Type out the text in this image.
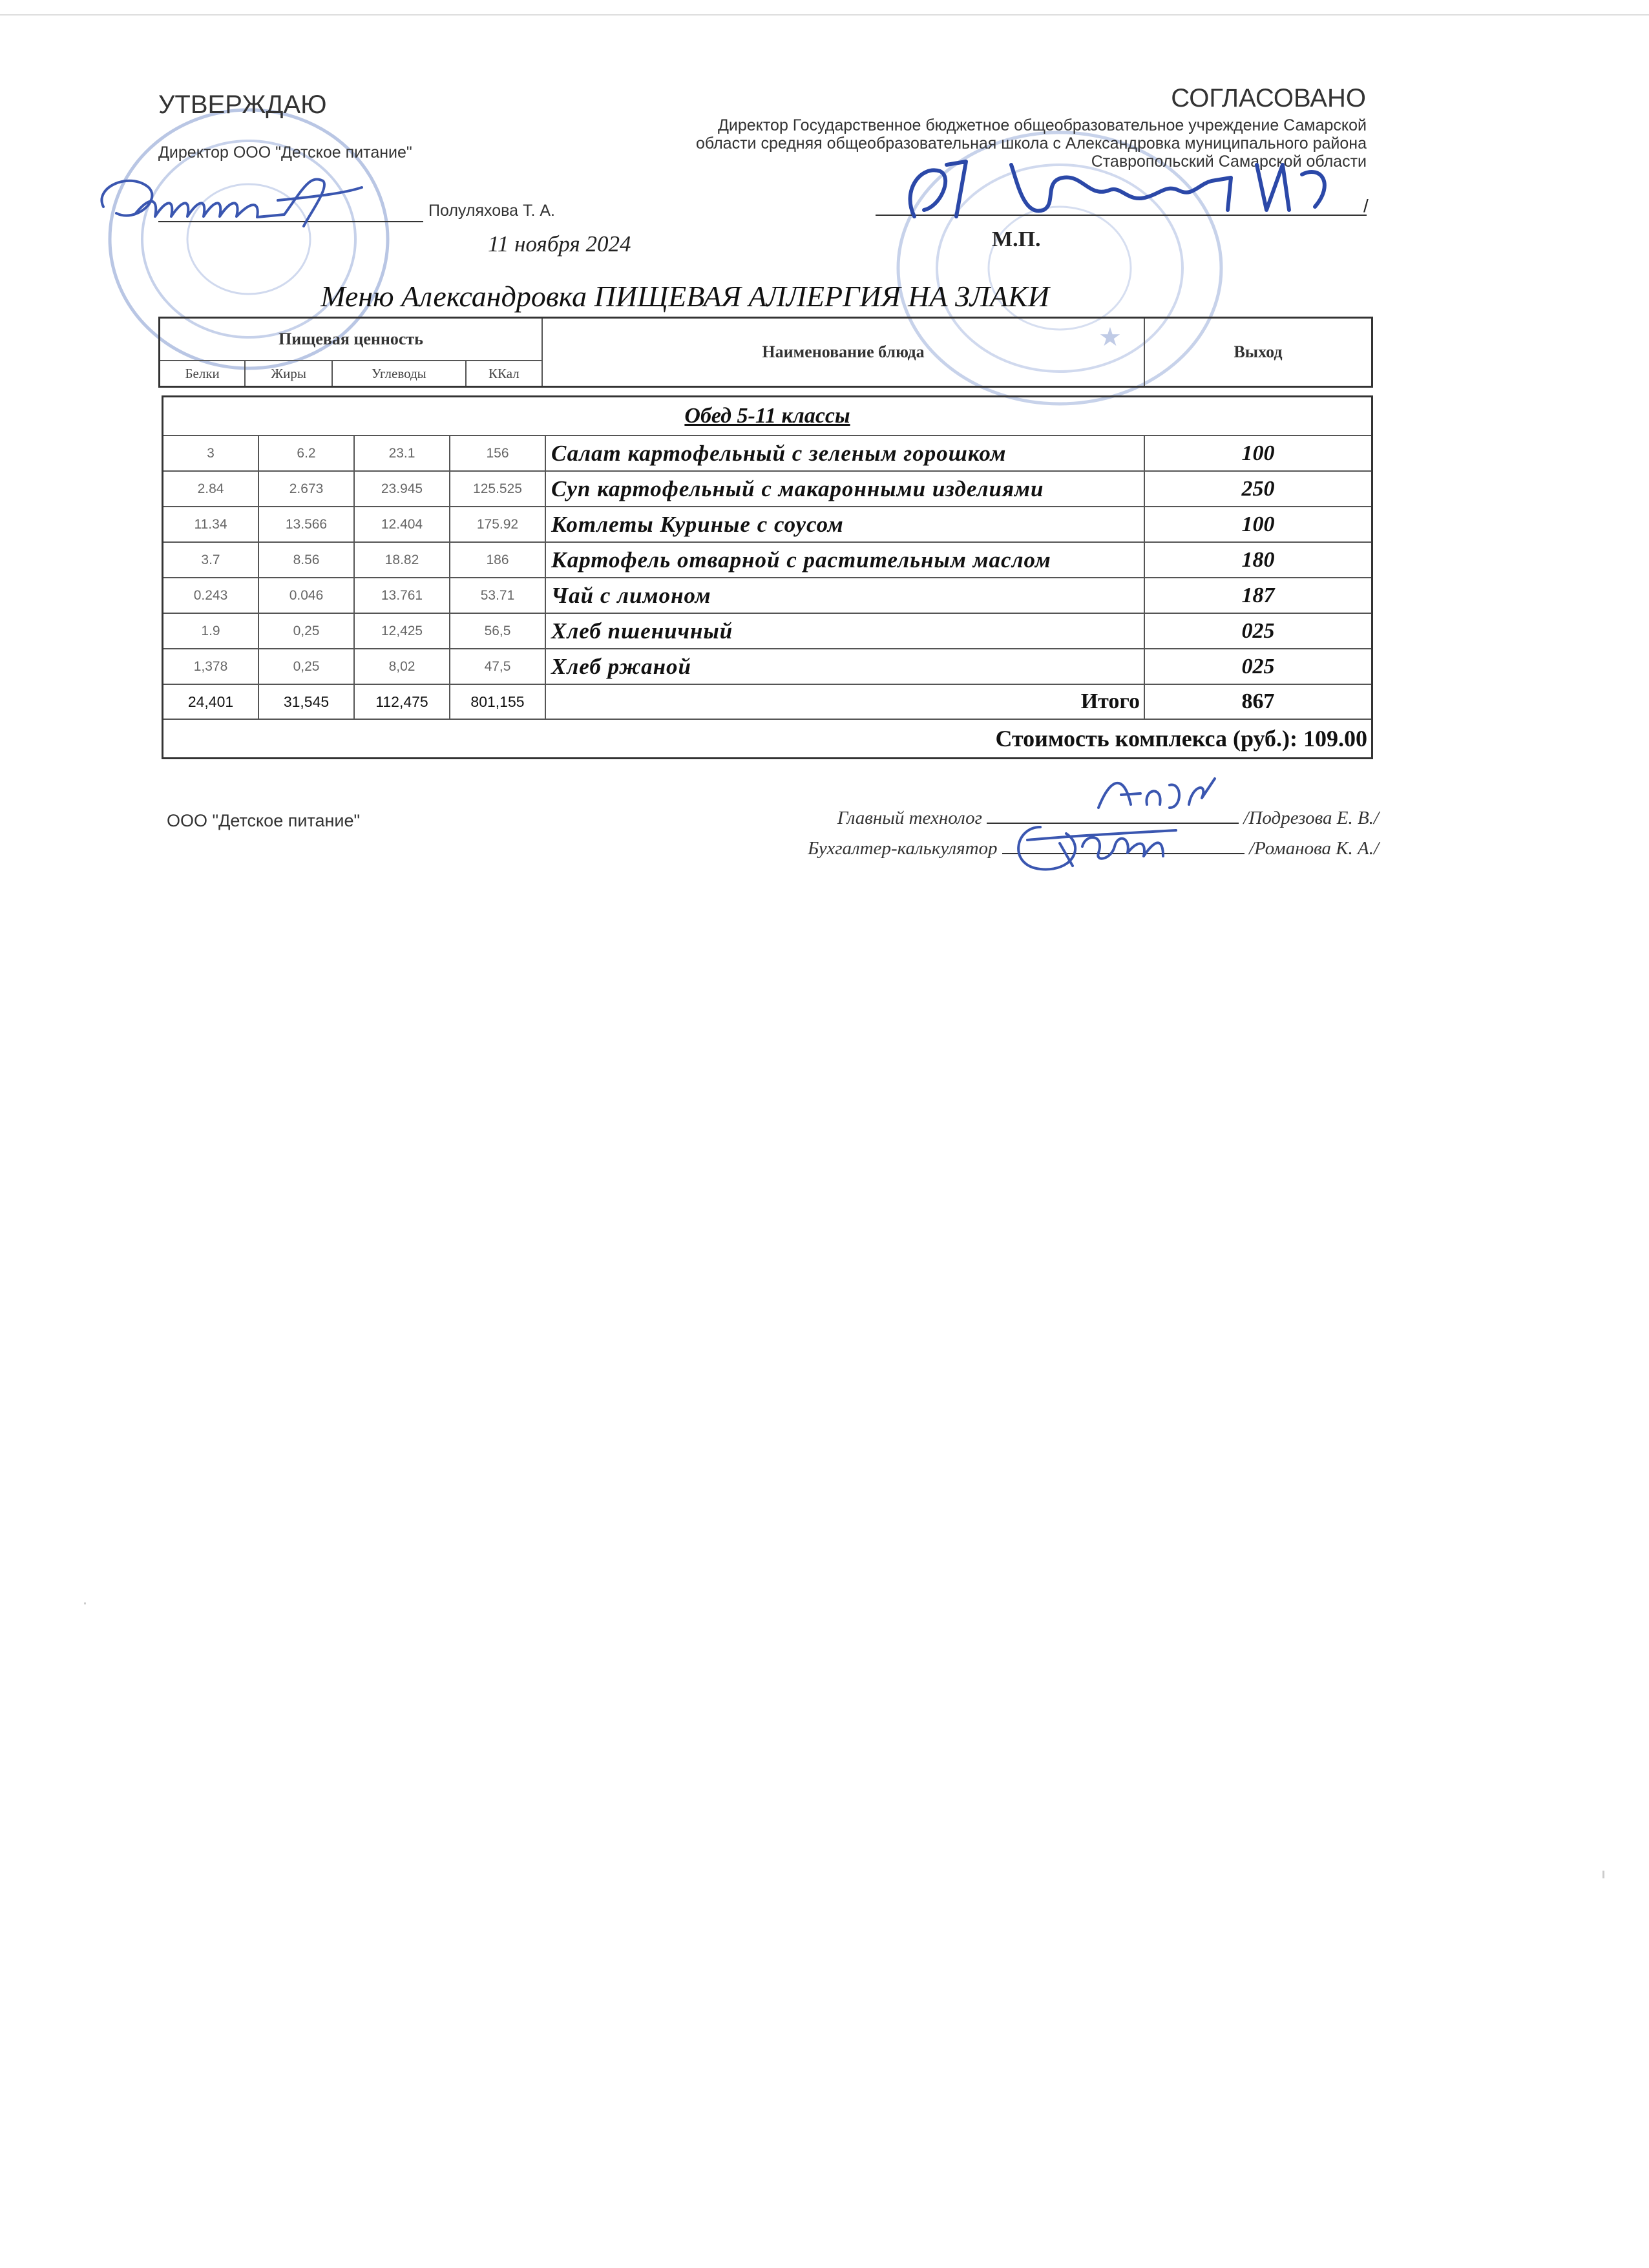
★
УТВЕРЖДАЮ
Директор ООО "Детское питание"
Полуляхова Т. А.
11 ноября 2024
СОГЛАСОВАНО
Директор Государственное бюджетное общеобразовательное учреждение Самарской области средняя общеобразовательная школа с Александровка муниципального района Ставропольский Самарской области
/
М.П.
Меню Александровка ПИЩЕВАЯ АЛЛЕРГИЯ НА ЗЛАКИ
Пищевая ценность				Наименование блюда	Выход
Белки	Жиры	Углеводы	ККал		
Обед 5-11 классы					
3	6.2	23.1	156	Салат картофельный с зеленым горошком	100
2.84	2.673	23.945	125.525	Суп картофельный с макаронными изделиями	250
11.34	13.566	12.404	175.92	Котлеты Куриные с соусом	100
3.7	8.56	18.82	186	Картофель отварной с растительным маслом	180
0.243	0.046	13.761	53.71	Чай с лимоном	187
1.9	0,25	12,425	56,5	Хлеб пшеничный	025
1,378	0,25	8,02	47,5	Хлеб ржаной	025
24,401	31,545	112,475	801,155	Итого	867
Стоимость комплекса (руб.): 109.00					
ООО "Детское питание"	Главный технолог	/Подрезова Е. В./
Бухгалтер-калькулятор	/Романова К. А./
